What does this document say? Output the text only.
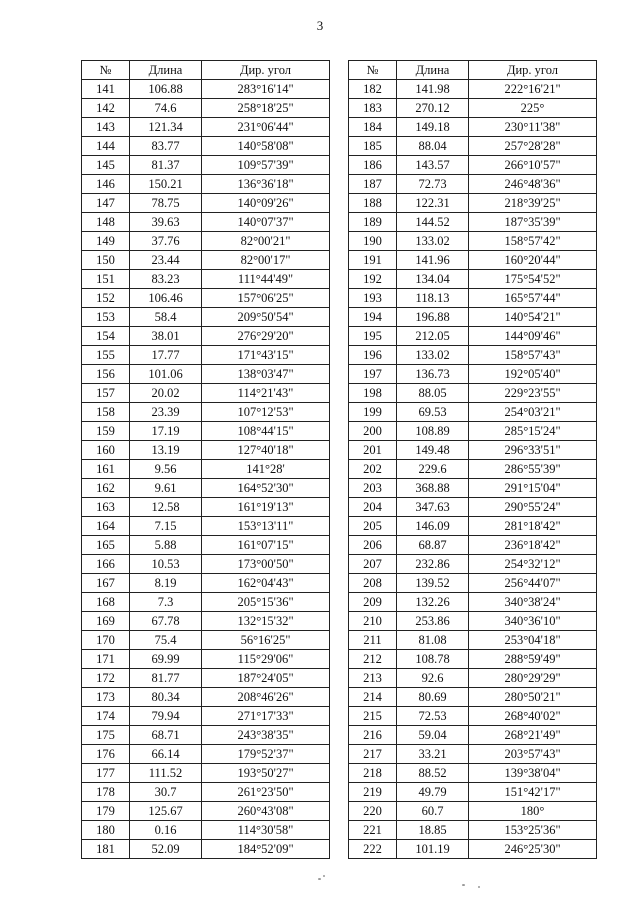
3
№	Длина	Дир. угол
141	106.88	283°16'14"
142	74.6	258°18'25"
143	121.34	231°06'44"
144	83.77	140°58'08"
145	81.37	109°57'39"
146	150.21	136°36'18"
147	78.75	140°09'26"
148	39.63	140°07'37"
149	37.76	82°00'21"
150	23.44	82°00'17"
151	83.23	111°44'49"
152	106.46	157°06'25"
153	58.4	209°50'54"
154	38.01	276°29'20"
155	17.77	171°43'15"
156	101.06	138°03'47"
157	20.02	114°21'43"
158	23.39	107°12'53"
159	17.19	108°44'15"
160	13.19	127°40'18"
161	9.56	141°28'
162	9.61	164°52'30"
163	12.58	161°19'13"
164	7.15	153°13'11"
165	5.88	161°07'15"
166	10.53	173°00'50"
167	8.19	162°04'43"
168	7.3	205°15'36"
169	67.78	132°15'32"
170	75.4	56°16'25"
171	69.99	115°29'06"
172	81.77	187°24'05"
173	80.34	208°46'26"
174	79.94	271°17'33"
175	68.71	243°38'35"
176	66.14	179°52'37"
177	111.52	193°50'27"
178	30.7	261°23'50"
179	125.67	260°43'08"
180	0.16	114°30'58"
181	52.09	184°52'09"
№	Длина	Дир. угол
182	141.98	222°16'21"
183	270.12	225°
184	149.18	230°11'38"
185	88.04	257°28'28"
186	143.57	266°10'57"
187	72.73	246°48'36"
188	122.31	218°39'25"
189	144.52	187°35'39"
190	133.02	158°57'42"
191	141.96	160°20'44"
192	134.04	175°54'52"
193	118.13	165°57'44"
194	196.88	140°54'21"
195	212.05	144°09'46"
196	133.02	158°57'43"
197	136.73	192°05'40"
198	88.05	229°23'55"
199	69.53	254°03'21"
200	108.89	285°15'24"
201	149.48	296°33'51"
202	229.6	286°55'39"
203	368.88	291°15'04"
204	347.63	290°55'24"
205	146.09	281°18'42"
206	68.87	236°18'42"
207	232.86	254°32'12"
208	139.52	256°44'07"
209	132.26	340°38'24"
210	253.86	340°36'10"
211	81.08	253°04'18"
212	108.78	288°59'49"
213	92.6	280°29'29"
214	80.69	280°50'21"
215	72.53	268°40'02"
216	59.04	268°21'49"
217	33.21	203°57'43"
218	88.52	139°38'04"
219	49.79	151°42'17"
220	60.7	180°
221	18.85	153°25'36"
222	101.19	246°25'30"
